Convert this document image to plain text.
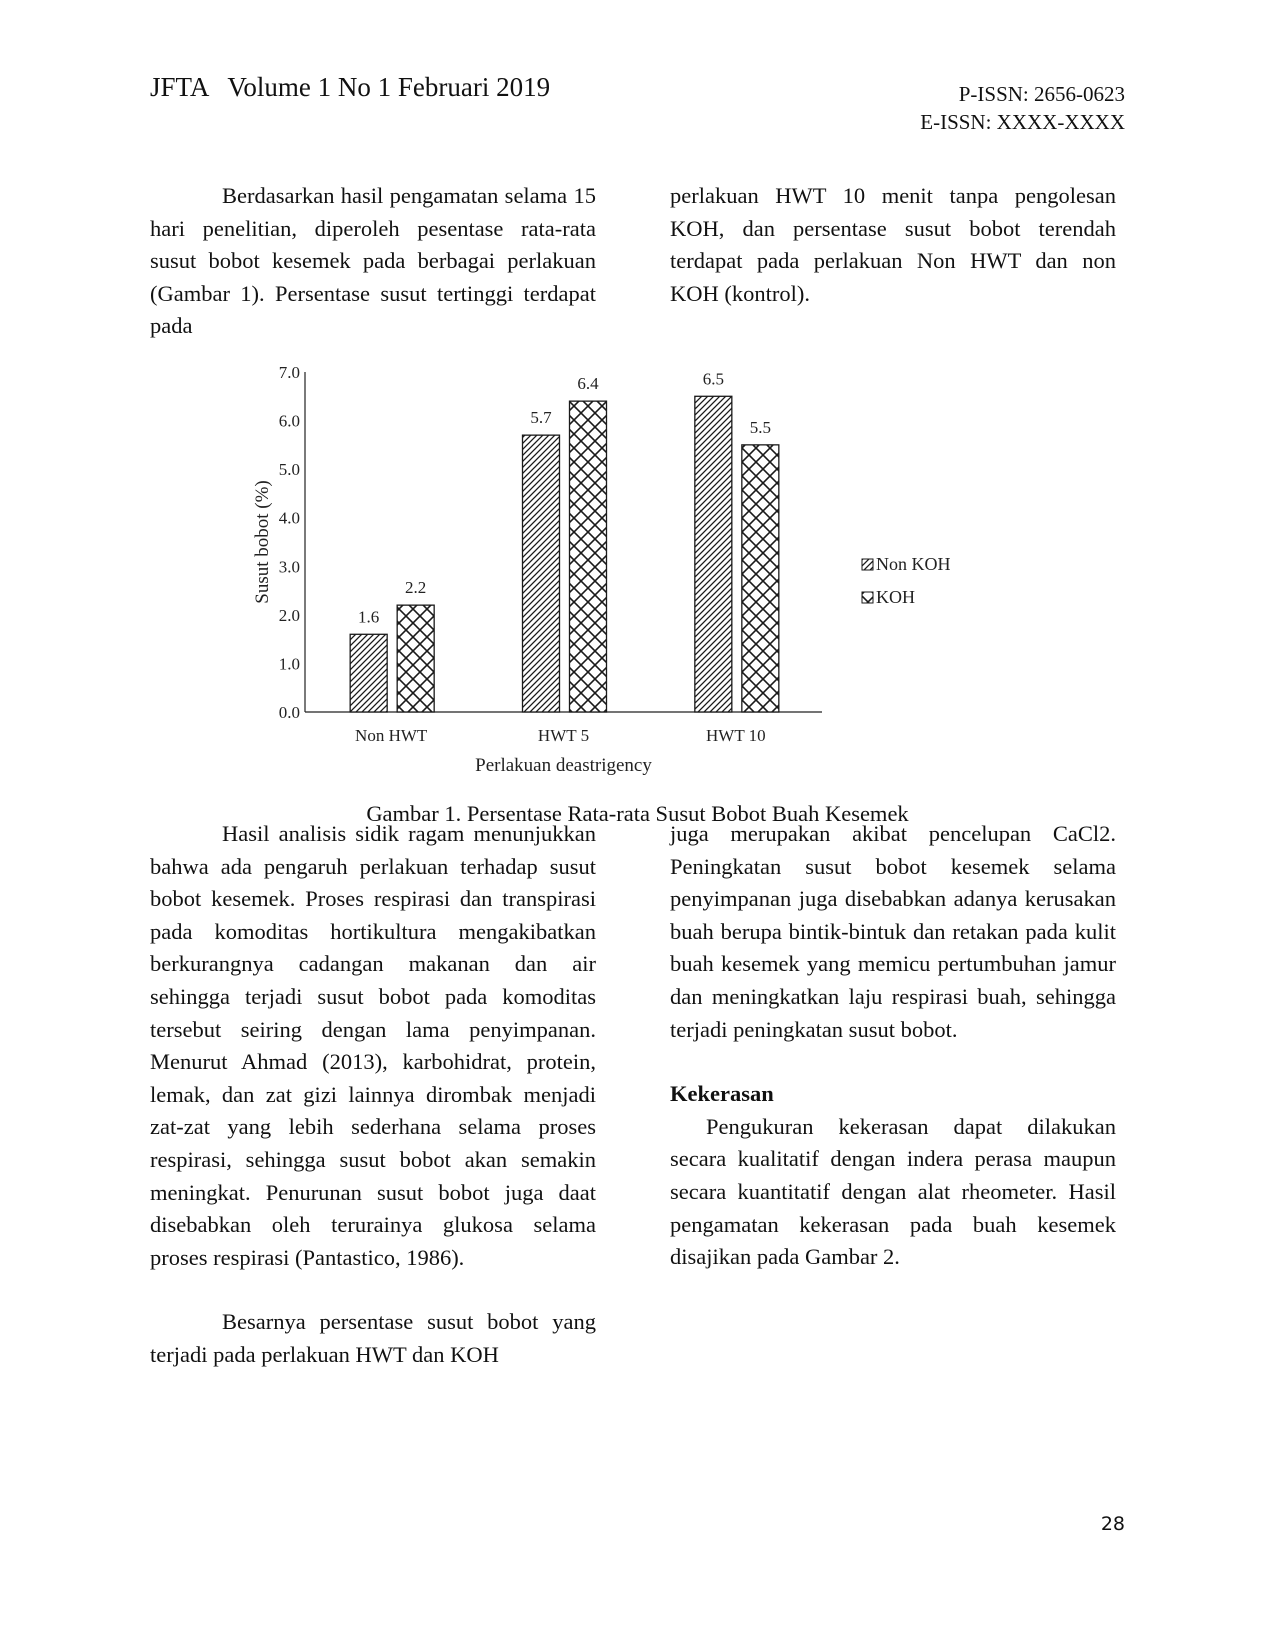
JFTA Volume 1 No 1 Februari 2019	P-ISSN: 2656-0623
E-ISSN: XXXX-XXXX

Berdasarkan hasil pengamatan selama 15 hari penelitian, diperoleh pesentase rata-rata susut bobot kesemek pada berbagai perlakuan (Gambar 1). Persentase susut tertinggi terdapat pada

perlakuan HWT 10 menit tanpa pengolesan KOH, dan persentase susut bobot terendah terdapat pada perlakuan Non HWT dan non KOH (kontrol).

0.0
1.0
2.0
3.0
4.0
5.0
6.0
7.0
1.6
2.2
Non HWT
5.7
6.4
HWT 5
6.5
5.5
HWT 10
Perlakuan deastrigency
Susut bobot (%)	Non KOH
KOH
Gambar 1. Persentase Rata-rata Susut Bobot Buah Kesemek

Hasil analisis sidik ragam menunjukkan bahwa ada pengaruh perlakuan terhadap susut bobot kesemek. Proses respirasi dan transpirasi pada komoditas hortikultura mengakibatkan berkurangnya cadangan makanan dan air sehingga terjadi susut bobot pada komoditas tersebut seiring dengan lama penyimpanan. Menurut Ahmad (2013), karbohidrat, protein, lemak, dan zat gizi lainnya dirombak menjadi zat-zat yang lebih sederhana selama proses respirasi, sehingga susut bobot akan semakin meningkat. Penurunan susut bobot juga daat disebabkan oleh terurainya glukosa selama proses respirasi (Pantastico, 1986).

Besarnya persentase susut bobot yang terjadi pada perlakuan HWT dan KOH

juga merupakan akibat pencelupan CaCl2. Peningkatan susut bobot kesemek selama penyimpanan juga disebabkan adanya kerusakan buah berupa bintik-bintuk dan retakan pada kulit buah kesemek yang memicu pertumbuhan jamur dan meningkatkan laju respirasi buah, sehingga terjadi peningkatan susut bobot.

Kekerasan

Pengukuran kekerasan dapat dilakukan secara kualitatif dengan indera perasa maupun secara kuantitatif dengan alat rheometer. Hasil pengamatan kekerasan pada buah kesemek disajikan pada Gambar 2.

28
